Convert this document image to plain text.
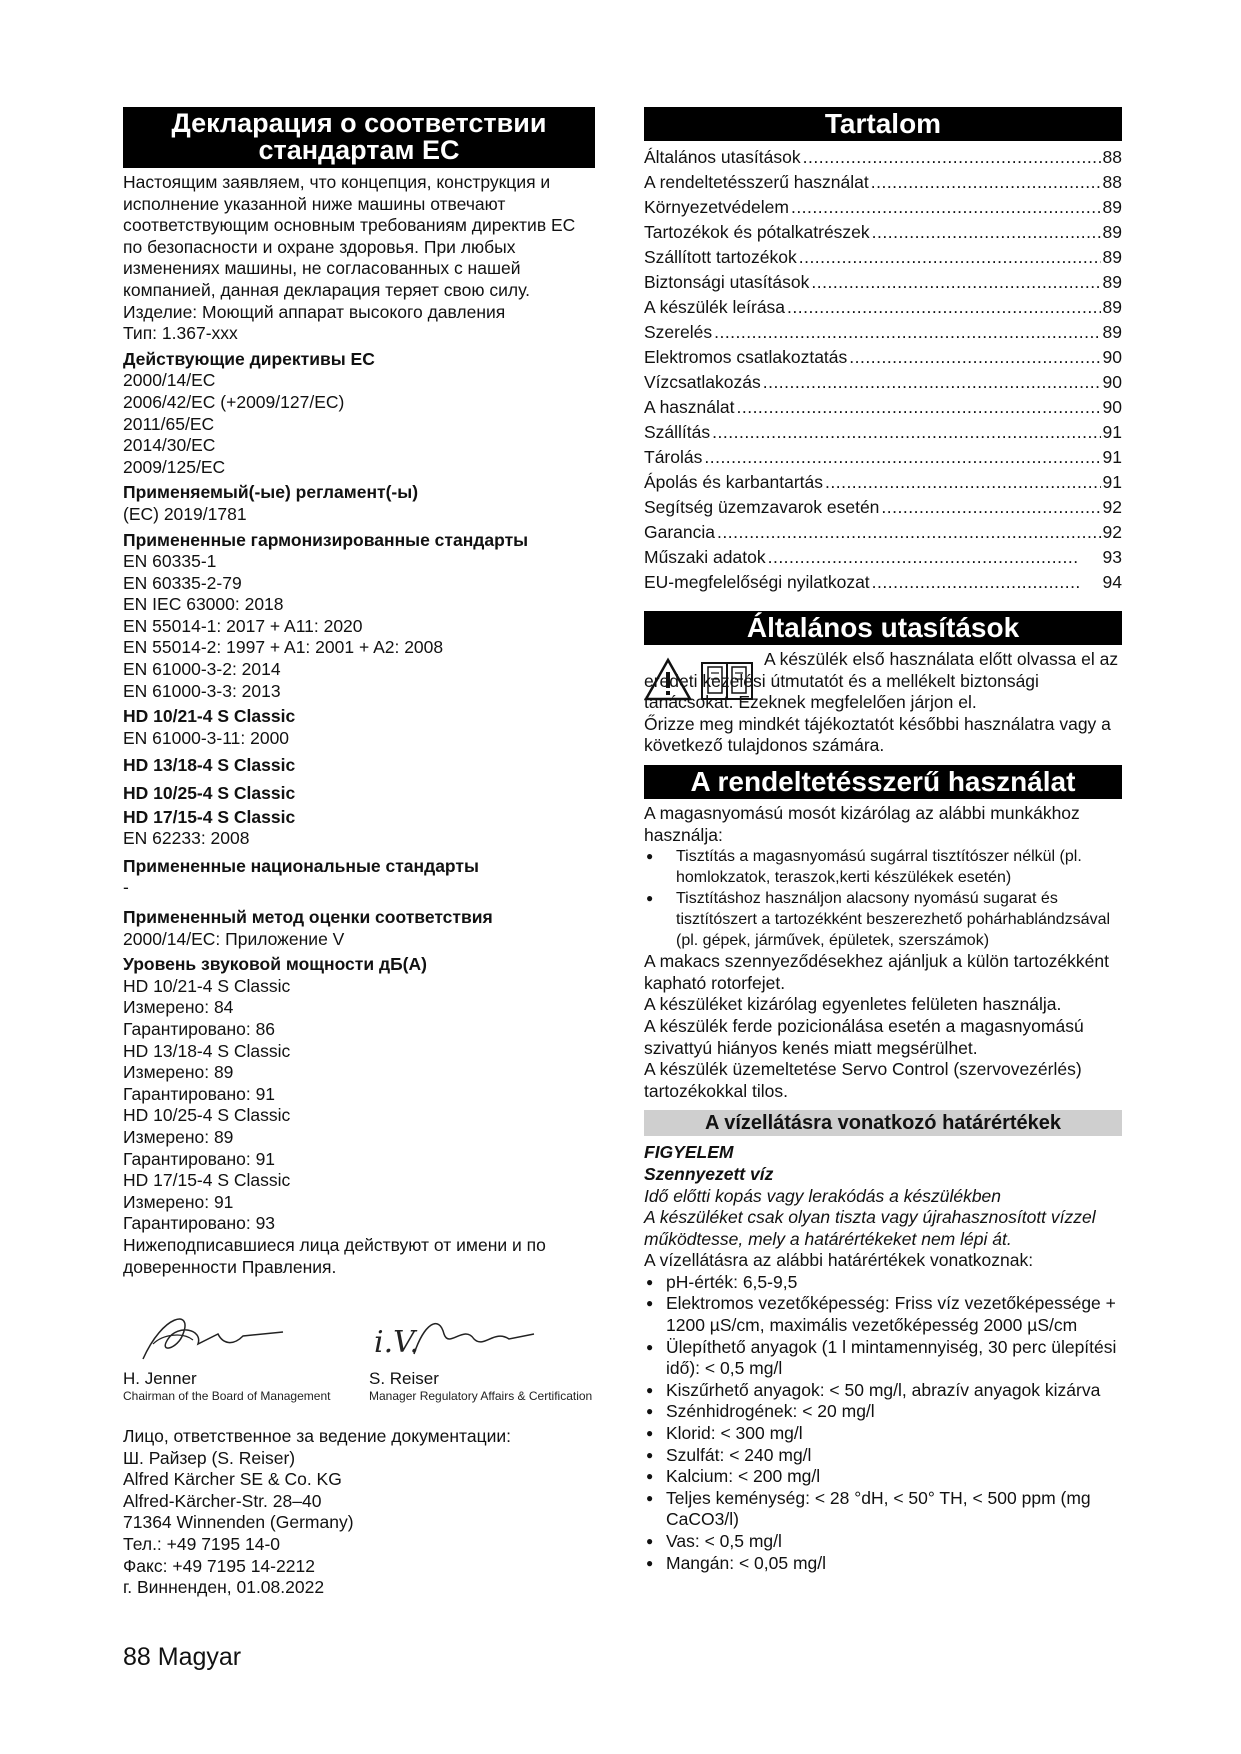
Декларация о соответствии стандартам ЕС

Настоящим заявляем, что концепция, конструкция и исполнение указанной ниже машины отвечают соответствующим основным требованиям директив ЕС по безопасности и охране здоровья. При любых изменениях машины, не согласованных с нашей компанией, данная декларация теряет свою силу.

Изделие: Моющий аппарат высокого давления

Тип: 1.367-xxx

Действующие директивы ЕС

2000/14/EC

2006/42/EC (+2009/127/EC)

2011/65/EC

2014/30/EC

2009/125/EC

Применяемый(-ые) регламент(-ы)

(EC) 2019/1781

Примененные гармонизированные стандарты

EN 60335-1

EN 60335-2-79

EN IEC 63000: 2018

EN 55014-1: 2017 + A11: 2020

EN 55014-2: 1997 + A1: 2001 + A2: 2008

EN 61000-3-2: 2014

EN 61000-3-3: 2013

HD 10/21-4 S Classic

EN 61000-3-11: 2000

HD 13/18-4 S Classic
HD 10/25-4 S Classic
HD 17/15-4 S Classic

EN 62233: 2008

Примененные национальные стандарты

-

Примененный метод оценки соответствия

2000/14/EC: Приложение V

Уровень звуковой мощности дБ(А)

HD 10/21-4 S Classic

Измерено: 84

Гарантировано: 86

HD 13/18-4 S Classic

Измерено: 89

Гарантировано: 91

HD 10/25-4 S Classic

Измерено: 89

Гарантировано: 91

HD 17/15-4 S Classic

Измерено: 91

Гарантировано: 93

Нижеподписавшиеся лица действуют от имени и по доверенности Правления.

H. Jenner
Chairman of the Board of Management
i.V.
S. Reiser
Manager Regulatory Affairs & Certification

Лицо, ответственное за ведение документации:

Ш. Райзер (S. Reiser)

Alfred Kärcher SE & Co. KG

Alfred-Kärcher-Str. 28–40

71364 Winnenden (Germany)

Тел.: +49 7195 14-0

Факс: +49 7195 14-2212

г. Винненден, 01.08.2022

Tartalom
Általános utasítások .....	88
A rendeltetésszerű használat .....	88
Környezetvédelem .....	89
Tartozékok és pótalkatrészek .....	89
Szállított tartozékok .....	89
Biztonsági utasítások .....	89
A készülék leírása .....	89
Szerelés .....	89
Elektromos csatlakoztatás .....	90
Vízcsatlakozás .....	90
A használat .....	90
Szállítás .....	91
Tárolás .....	91
Ápolás és karbantartás .....	91
Segítség üzemzavarok esetén .....	92
Garancia .....	92
Műszaki adatok .....	93
EU-megfelelőségi nyilatkozat .....	94
Általános utasítások
A készülék első használata előtt olvassa el az eredeti kezelési útmutatót és a mellékelt biztonsági tanácsokat. Ezeknek megfelelően járjon el.

Őrizze meg mindkét tájékoztatót későbbi használatra vagy a következő tulajdonos számára.

A rendeltetésszerű használat

A magasnyomású mosót kizárólag az alábbi munkákhoz használja:

● Tisztítás a magasnyomású sugárral tisztítószer nélkül (pl. homlokzatok, teraszok,kerti készülékek esetén)
● Tisztításhoz használjon alacsony nyomású sugarat és tisztítószert a tartozékként beszerezhető pohárhablándzsával (pl. gépek, járművek, épületek, szerszámok)

A makacs szennyeződésekhez ajánljuk a külön tartozékként kapható rotorfejet.

A készüléket kizárólag egyenletes felületen használja.

A készülék ferde pozicionálása esetén a magasnyomású szivattyú hiányos kenés miatt megsérülhet.

A készülék üzemeltetése Servo Control (szervovezérlés) tartozékokkal tilos.

A vízellátásra vonatkozó határértékek

FIGYELEM

Szennyezett víz

Idő előtti kopás vagy lerakódás a készülékben

A készüléket csak olyan tiszta vagy újrahasznosított vízzel működtesse, mely a határértékeket nem lépi át.

A vízellátásra az alábbi határértékek vonatkoznak:

● pH-érték: 6,5-9,5
● Elektromos vezetőképesség: Friss víz vezetőképessége + 1200 µS/cm, maximális vezetőképesség 2000 µS/cm
● Ülepíthető anyagok (1 l mintamennyiség, 30 perc ülepítési idő): < 0,5 mg/l
● Kiszűrhető anyagok: < 50 mg/l, abrazív anyagok kizárva
● Szénhidrogének: < 20 mg/l
● Klorid: < 300 mg/l
● Szulfát: < 240 mg/l
● Kalcium: < 200 mg/l
● Teljes keménység: < 28 °dH, < 50° TH, < 500 ppm (mg CaCO3/l)
● Vas: < 0,5 mg/l
● Mangán: < 0,05 mg/l
88 Magyar
